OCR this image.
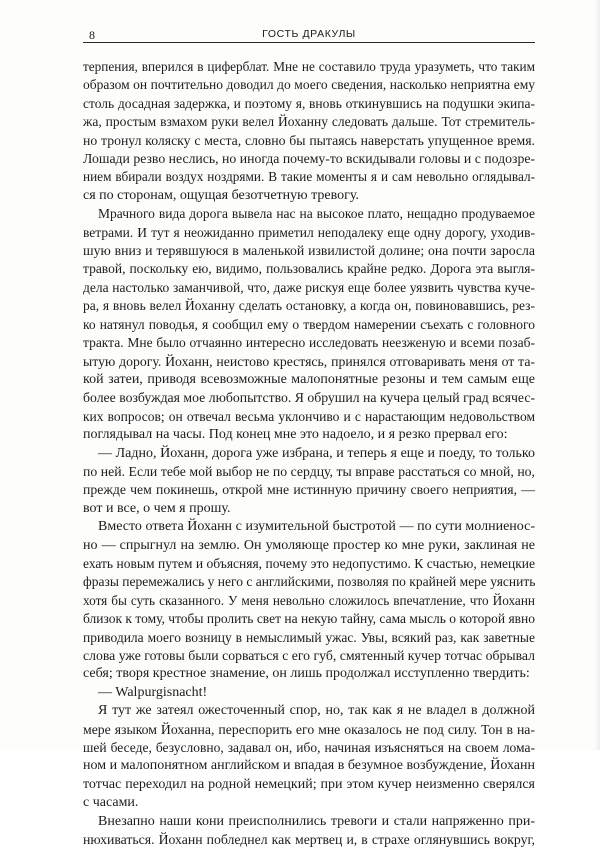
8	ГОСТЬ ДРАКУЛЫ
терпения, вперился в циферблат. Мне не составило труда уразуметь, что таким
образом он почтительно доводил до моего сведения, насколько неприятна ему
столь досадная задержка, и поэтому я, вновь откинувшись на подушки экипа-
жа, простым взмахом руки велел Йоханну следовать дальше. Тот стремитель-
но тронул коляску с места, словно бы пытаясь наверстать упущенное время.
Лошади резво неслись, но иногда почему-то вскидывали головы и с подозре-
нием вбирали воздух ноздрями. В такие моменты я и сам невольно оглядывал-
ся по сторонам, ощущая безотчетную тревогу.
Мрачного вида дорога вывела нас на высокое плато, нещадно продуваемое
ветрами. И тут я неожиданно приметил неподалеку еще одну дорогу, уходив-
шую вниз и терявшуюся в маленькой извилистой долине; она почти заросла
травой, поскольку ею, видимо, пользовались крайне редко. Дорога эта выгля-
дела настолько заманчивой, что, даже рискуя еще более уязвить чувства куче-
ра, я вновь велел Йоханну сделать остановку, а когда он, повиновавшись, рез-
ко натянул поводья, я сообщил ему о твердом намерении съехать с головного
тракта. Мне было отчаянно интересно исследовать неезженую и всеми позаб-
ытую дорогу. Йоханн, неистово крестясь, принялся отговаривать меня от та-
кой затеи, приводя всевозможные малопонятные резоны и тем самым еще
более возбуждая мое любопытство. Я обрушил на кучера целый град всячес-
ких вопросов; он отвечал весьма уклончиво и с нарастающим недовольством
поглядывал на часы. Под конец мне это надоело, и я резко прервал его:
— Ладно, Йоханн, дорога уже избрана, и теперь я еще и поеду, то только
по ней. Если тебе мой выбор не по сердцу, ты вправе расстаться со мной, но,
прежде чем покинешь, открой мне истинную причину своего неприятия, —
вот и все, о чем я прошу.
Вместо ответа Йоханн с изумительной быстротой — по сути молниенос-
но — спрыгнул на землю. Он умоляюще простер ко мне руки, заклиная не
ехать новым путем и объясняя, почему это недопустимо. К счастью, немецкие
фразы перемежались у него с английскими, позволяя по крайней мере уяснить
хотя бы суть сказанного. У меня невольно сложилось впечатление, что Йоханн
близок к тому, чтобы пролить свет на некую тайну, сама мысль о которой явно
приводила моего возницу в немыслимый ужас. Увы, всякий раз, как заветные
слова уже готовы были сорваться с его губ, смятенный кучер тотчас обрывал
себя; творя крестное знамение, он лишь продолжал исступленно твердить:
— Walpurgisnacht!
Я тут же затеял ожесточенный спор, но, так как я не владел в должной
мере языком Йоханна, переспорить его мне оказалось не под силу. Тон в на-
шей беседе, безусловно, задавал он, ибо, начиная изъясняться на своем лома-
ном и малопонятном английском и впадая в безумное возбуждение, Йоханн
тотчас переходил на родной немецкий; при этом кучер неизменно сверялся
с часами.
Внезапно наши кони преисполнились тревоги и стали напряженно при-
нюхиваться. Йоханн побледнел как мертвец и, в страхе оглянувшись вокруг,
